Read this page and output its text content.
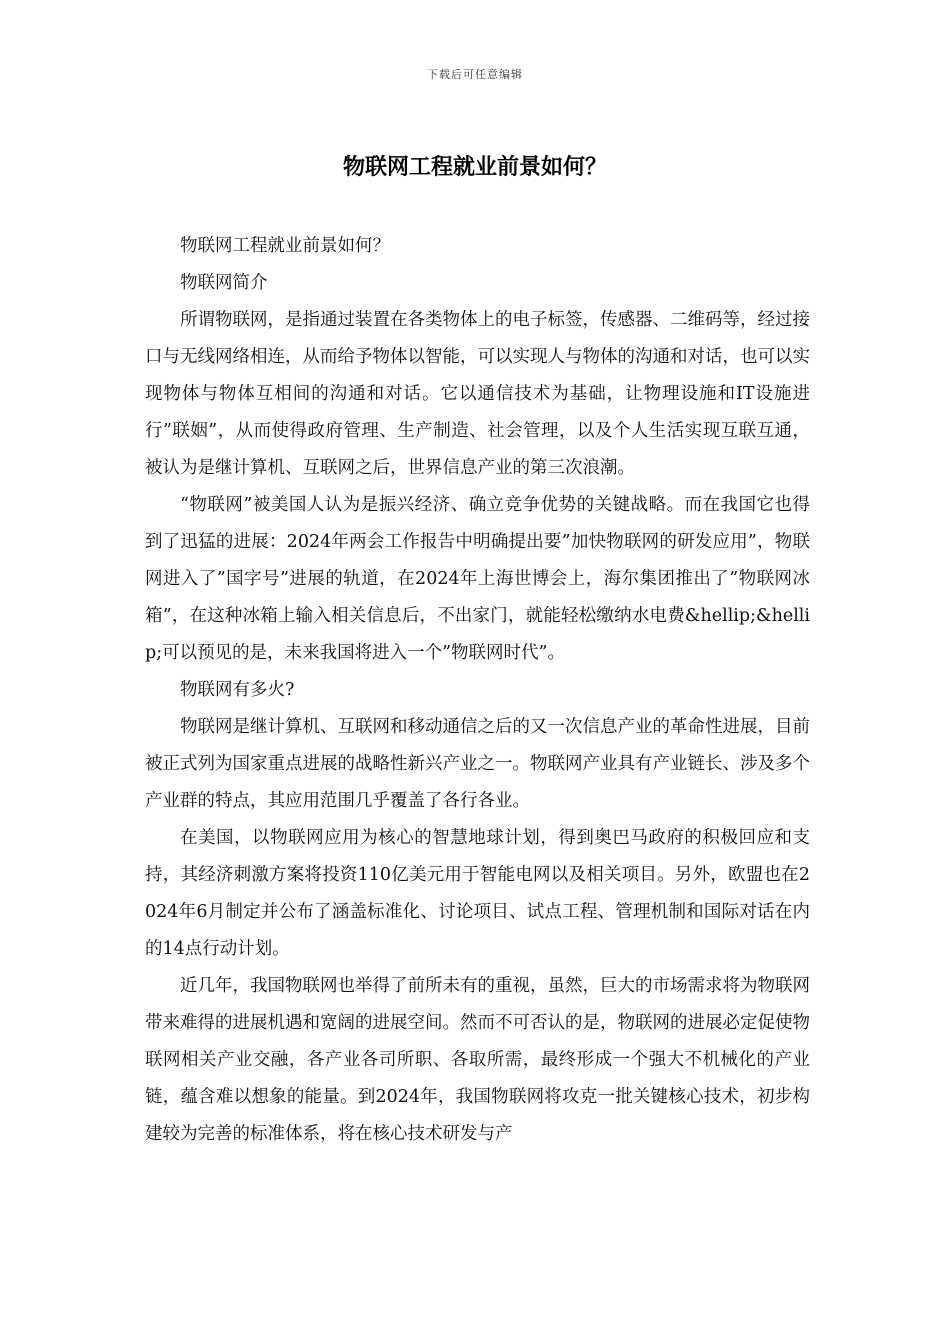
下载后可任意编辑
物联网工程就业前景如何？

物联网工程就业前景如何？

物联网简介

所谓物联网，是指通过装置在各类物体上的电子标签，传感器、二维码等，经过接口与无线网络相连，从而给予物体以智能，可以实现人与物体的沟通和对话，也可以实现物体与物体互相间的沟通和对话。它以通信技术为基础，让物理设施和IT设施进行”联姻”，从而使得政府管理、生产制造、社会管理，以及个人生活实现互联互通，被认为是继计算机、互联网之后，世界信息产业的第三次浪潮。

“物联网”被美国人认为是振兴经济、确立竞争优势的关键战略。而在我国它也得到了迅猛的进展：2024年两会工作报告中明确提出要”加快物联网的研发应用”，物联网进入了”国字号”进展的轨道，在2024年上海世博会上，海尔集团推出了”物联网冰箱”，在这种冰箱上输入相关信息后，不出家门，就能轻松缴纳水电费&hellip;&hellip;可以预见的是，未来我国将进入一个”物联网时代”。

物联网有多火?

物联网是继计算机、互联网和移动通信之后的又一次信息产业的革命性进展，目前被正式列为国家重点进展的战略性新兴产业之一。物联网产业具有产业链长、涉及多个产业群的特点，其应用范围几乎覆盖了各行各业。

在美国，以物联网应用为核心的智慧地球计划，得到奥巴马政府的积极回应和支持，其经济刺激方案将投资110亿美元用于智能电网以及相关项目。另外，欧盟也在2024年6月制定并公布了涵盖标准化、讨论项目、试点工程、管理机制和国际对话在内的14点行动计划。

近几年，我国物联网也举得了前所未有的重视，虽然，巨大的市场需求将为物联网带来难得的进展机遇和宽阔的进展空间。然而不可否认的是，物联网的进展必定促使物联网相关产业交融，各产业各司所职、各取所需，最终形成一个强大不机械化的产业链，蕴含难以想象的能量。到2024年，我国物联网将攻克一批关键核心技术，初步构建较为完善的标准体系，将在核心技术研发与产
